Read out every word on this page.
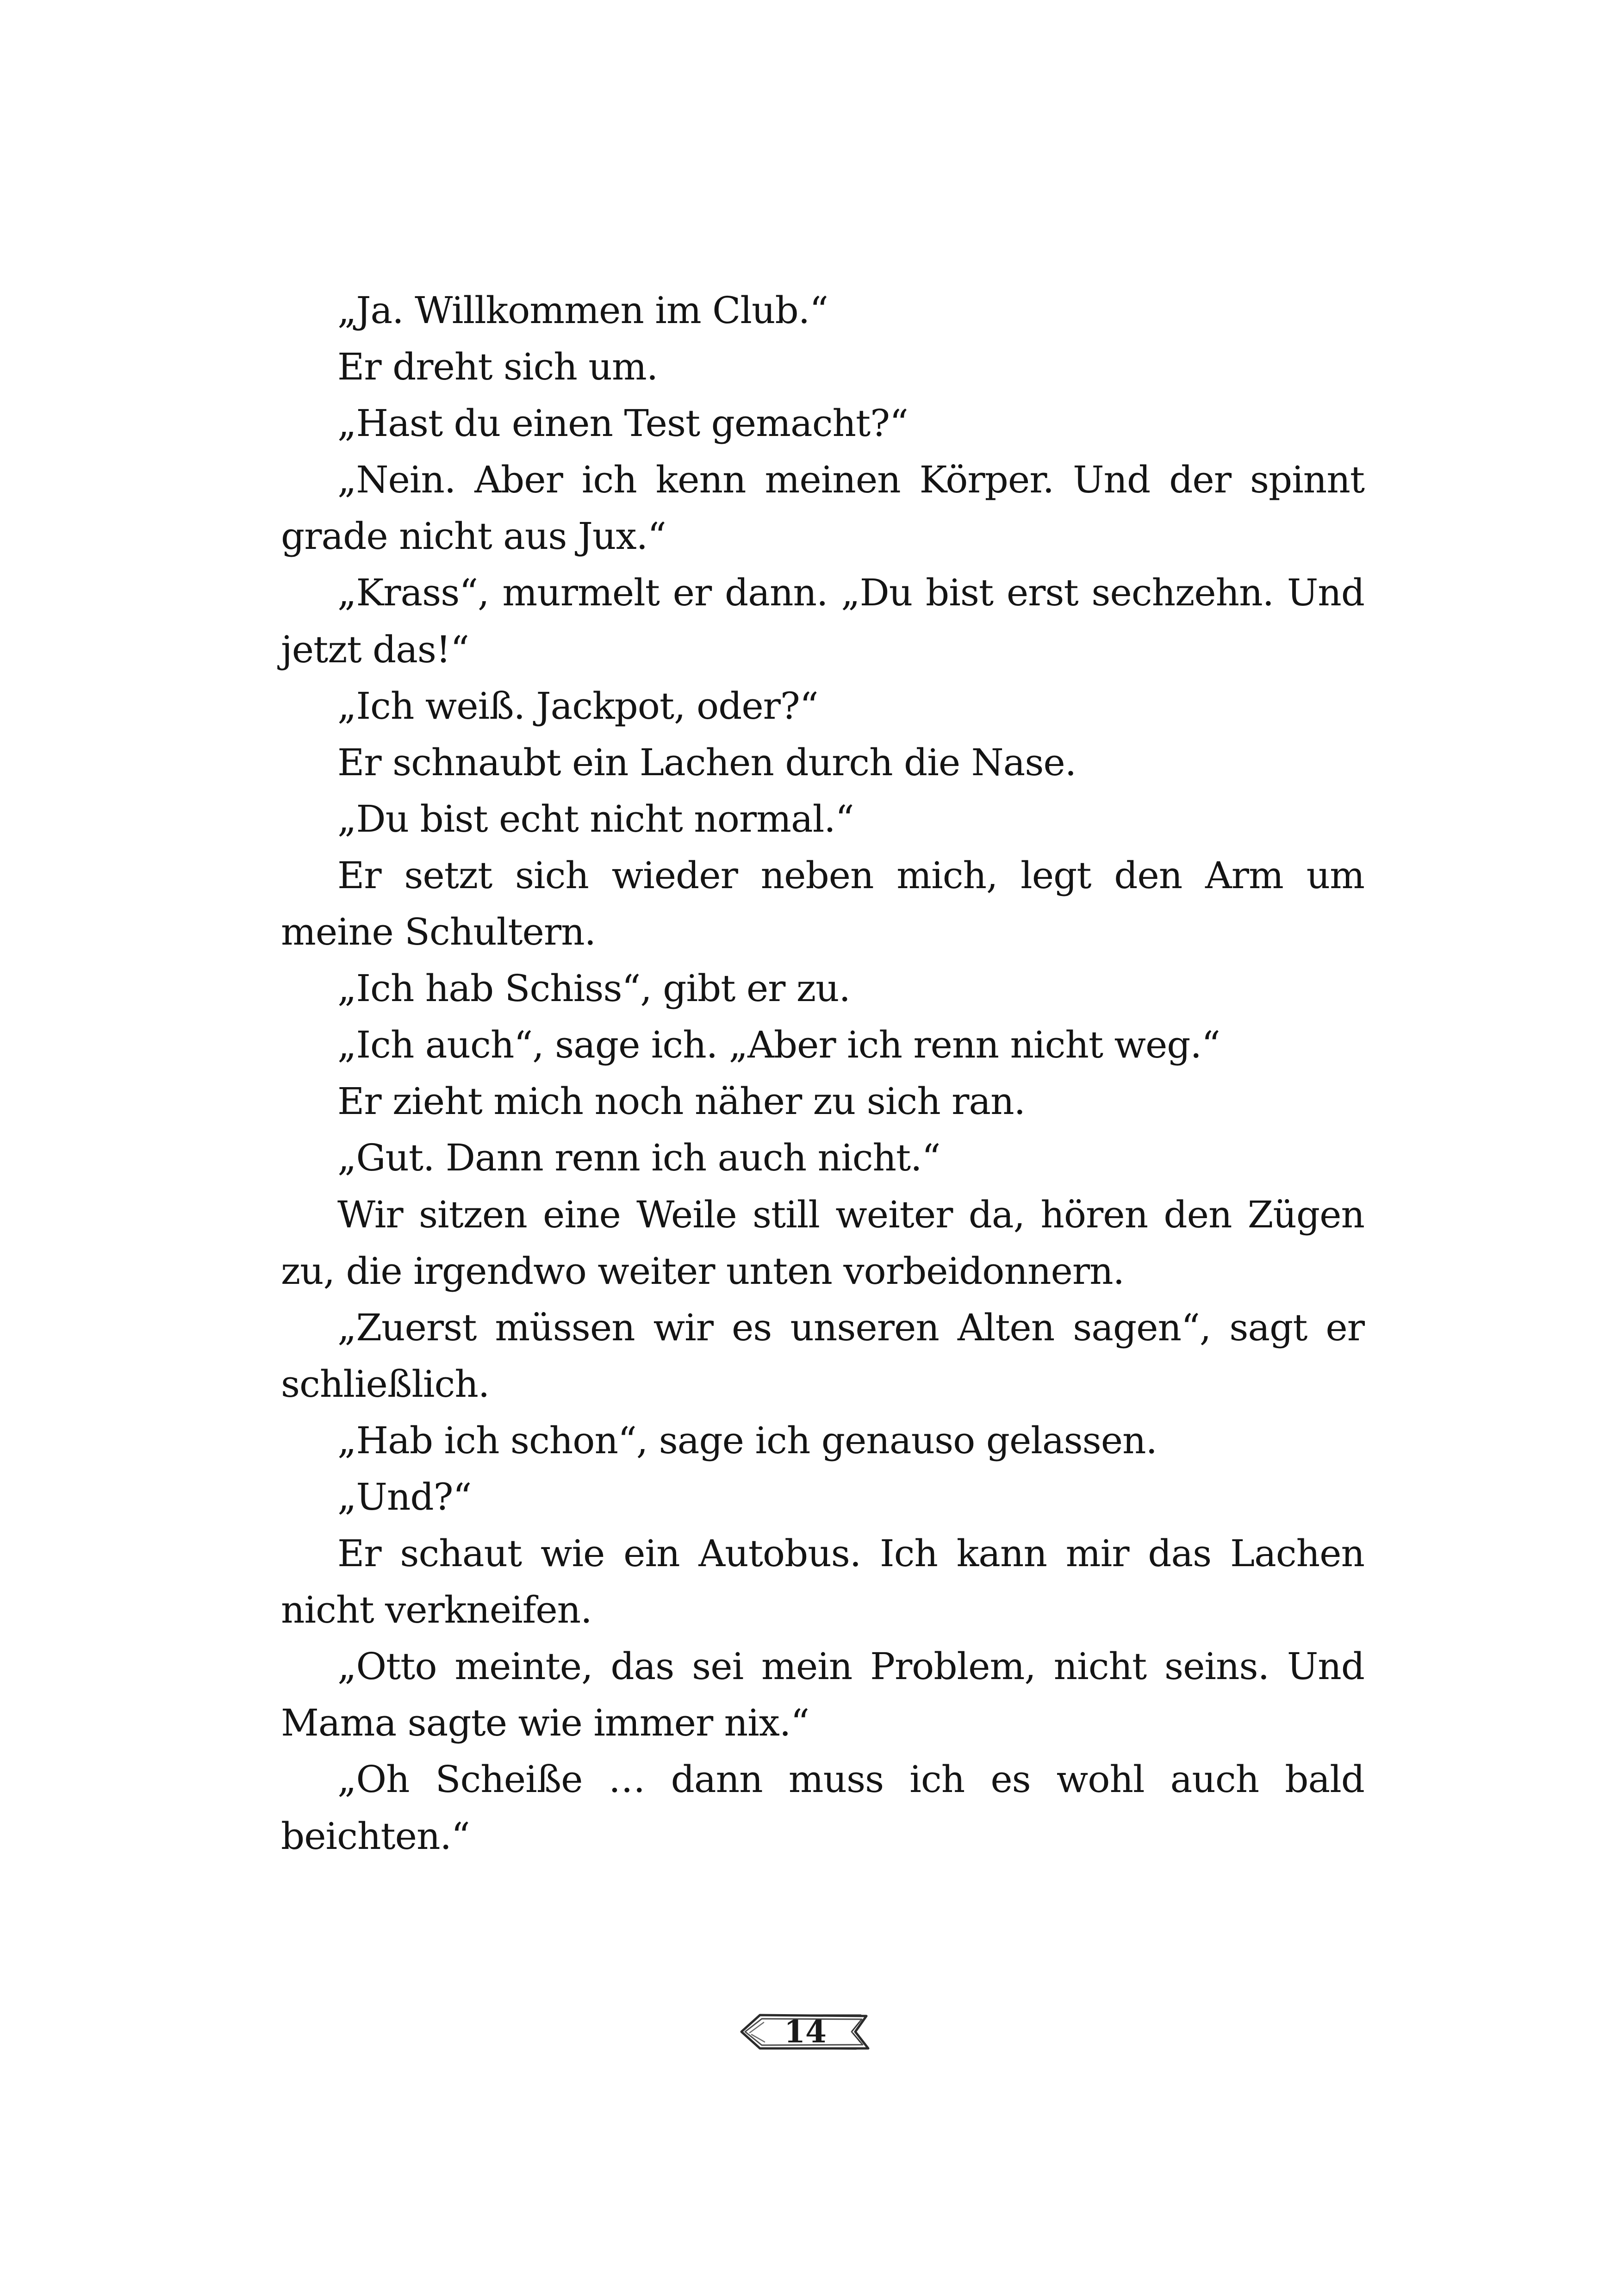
„Ja. Willkommen im Club.“

Er dreht sich um.

„Hast du einen Test gemacht?“

„Nein. Aber ich kenn meinen Körper. Und der spinnt grade nicht aus Jux.“

„Krass“, murmelt er dann. „Du bist erst sechzehn. Und jetzt das!“

„Ich weiß. Jackpot, oder?“

Er schnaubt ein Lachen durch die Nase.

„Du bist echt nicht normal.“

Er setzt sich wieder neben mich, legt den Arm um meine Schultern.

„Ich hab Schiss“, gibt er zu.

„Ich auch“, sage ich. „Aber ich renn nicht weg.“

Er zieht mich noch näher zu sich ran.

„Gut. Dann renn ich auch nicht.“

Wir sitzen eine Weile still weiter da, hören den Zügen zu, die irgendwo weiter unten vorbeidonnern.

„Zuerst müssen wir es unseren Alten sagen“, sagt er schließlich.

„Hab ich schon“, sage ich genauso gelassen.

„Und?“

Er schaut wie ein Autobus. Ich kann mir das Lachen nicht verkneifen.

„Otto meinte, das sei mein Problem, nicht seins. Und Mama sagte wie immer nix.“

„Oh Scheiße … dann muss ich es wohl auch bald beichten.“

14
